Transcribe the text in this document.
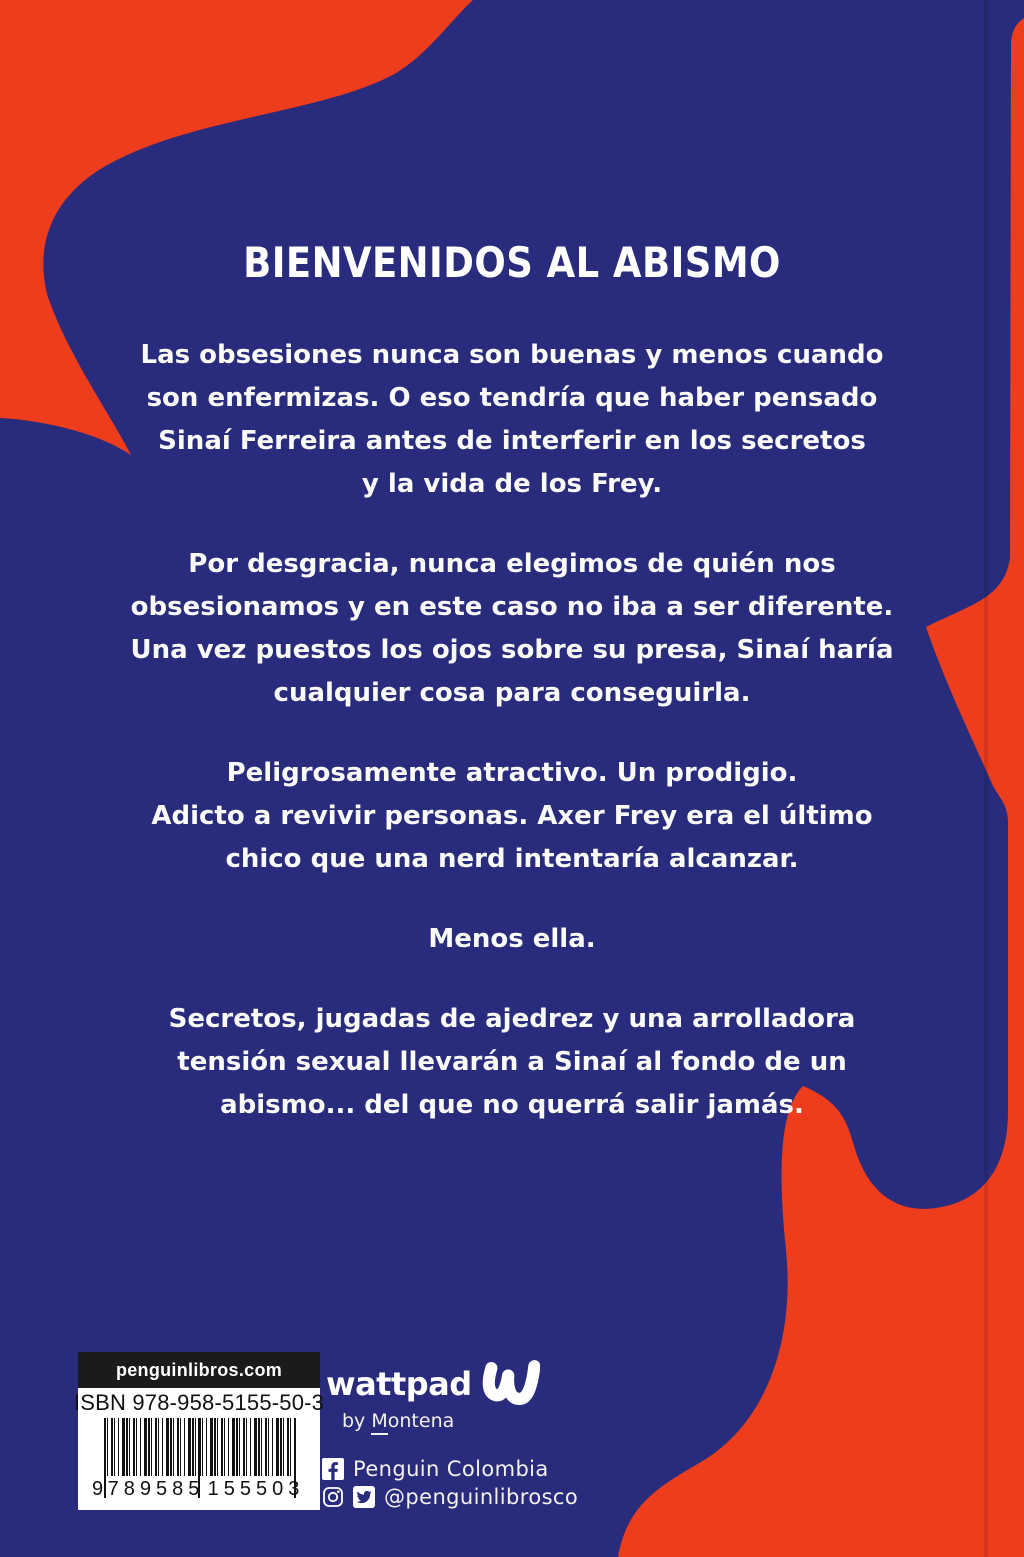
BIENVENIDOS AL ABISMO
Las obsesiones nunca son buenas y menos cuando
son enfermizas. O eso tendría que haber pensado
Sinaí Ferreira antes de interferir en los secretos
y la vida de los Frey.
Por desgracia, nunca elegimos de quién nos
obsesionamos y en este caso no iba a ser diferente.
Una vez puestos los ojos sobre su presa, Sinaí haría
cualquier cosa para conseguirla.
Peligrosamente atractivo. Un prodigio.
Adicto a revivir personas. Axer Frey era el último
chico que una nerd intentaría alcanzar.
Menos ella.
Secretos, jugadas de ajedrez y una arrolladora
tensión sexual llevarán a Sinaí al fondo de un
abismo... del que no querrá salir jamás.
penguinlibros.com
ISBN 978-958-5155-50-3
9 789585 155503
wattpad
by Montena
Penguin Colombia
@penguinlibrosco
